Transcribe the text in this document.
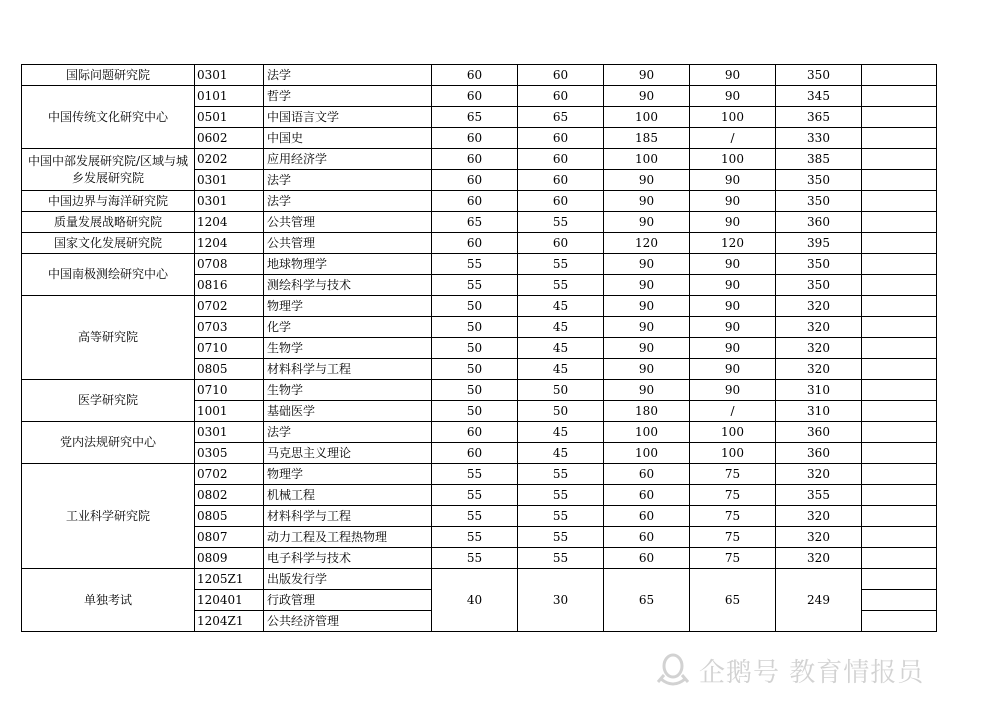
国际问题研究院	0301	法学	60	60	90	90	350	
中国传统文化研究中心	0101	哲学	60	60	90	90	345	
	0501	中国语言文学	65	65	100	100	365	
	0602	中国史	60	60	185	/	330	
中国中部发展研究院/区域与城乡发展研究院	0202	应用经济学	60	60	100	100	385	
	0301	法学	60	60	90	90	350	
中国边界与海洋研究院	0301	法学	60	60	90	90	350	
质量发展战略研究院	1204	公共管理	65	55	90	90	360	
国家文化发展研究院	1204	公共管理	60	60	120	120	395	
中国南极测绘研究中心	0708	地球物理学	55	55	90	90	350	
	0816	测绘科学与技术	55	55	90	90	350	
高等研究院	0702	物理学	50	45	90	90	320	
	0703	化学	50	45	90	90	320	
	0710	生物学	50	45	90	90	320	
	0805	材料科学与工程	50	45	90	90	320	
医学研究院	0710	生物学	50	50	90	90	310	
	1001	基础医学	50	50	180	/	310	
党内法规研究中心	0301	法学	60	45	100	100	360	
	0305	马克思主义理论	60	45	100	100	360	
工业科学研究院	0702	物理学	55	55	60	75	320	
	0802	机械工程	55	55	60	75	355	
	0805	材料科学与工程	55	55	60	75	320	
	0807	动力工程及工程热物理	55	55	60	75	320	
	0809	电子科学与技术	55	55	60	75	320	
单独考试	1205Z1	出版发行学	40	30	65	65	249	

	120401	行政管理						
	1204Z1	公共经济管理						
企鹅号 教育情报员
